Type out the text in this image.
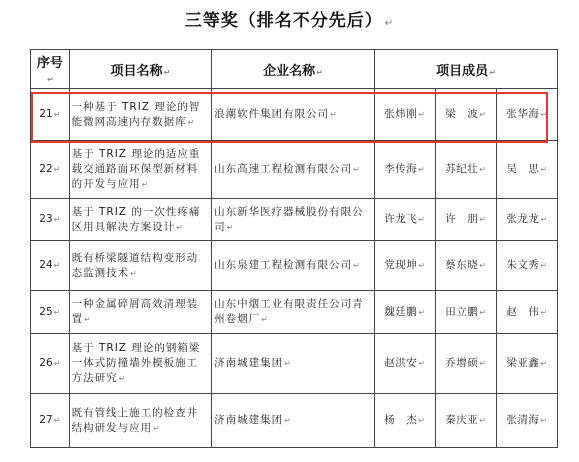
三等奖（排名不分先后） ↵
序号↵	项目名称↵	企业名称↵	项目成员↵		
21↵	一种基于 TRIZ 理论的智能微网高速内存数据库↵	浪潮软件集团有限公司↵	张炜刚↵	梁　波↵	张华海↵
22↵	基于 TRIZ 理论的适应重载交通路面环保型新材料的开发与应用↵	山东高速工程检测有限公司↵	李传海↵	苏纪壮↵	吴　思↵
23↵	基于 TRIZ 的一次性疼痛区用具解决方案设计↵	山东新华医疗器械股份有限公司↵	许龙飞↵	许　朋↵	张龙龙↵
24↵	既有桥梁隧道结构变形动态监测技术↵	山东泉建工程检测有限公司↵	党现坤↵	蔡东晓↵	朱文秀↵
25↵	一种金属碎屑高效清理装置↵	山东中烟工业有限责任公司青州卷烟厂↵	魏廷鹏↵	田立鹏↵	赵　伟↵
26↵	基于 TRIZ 理论的钢箱梁一体式防撞墙外模板施工方法研究↵	济南城建集团↵	赵洪安↵	乔增硕↵	梁亚鑫↵
27↵	既有管线上施工的检查井结构研发与应用↵	济南城建集团↵	杨　杰↵	秦庆亚↵	张清海↵
